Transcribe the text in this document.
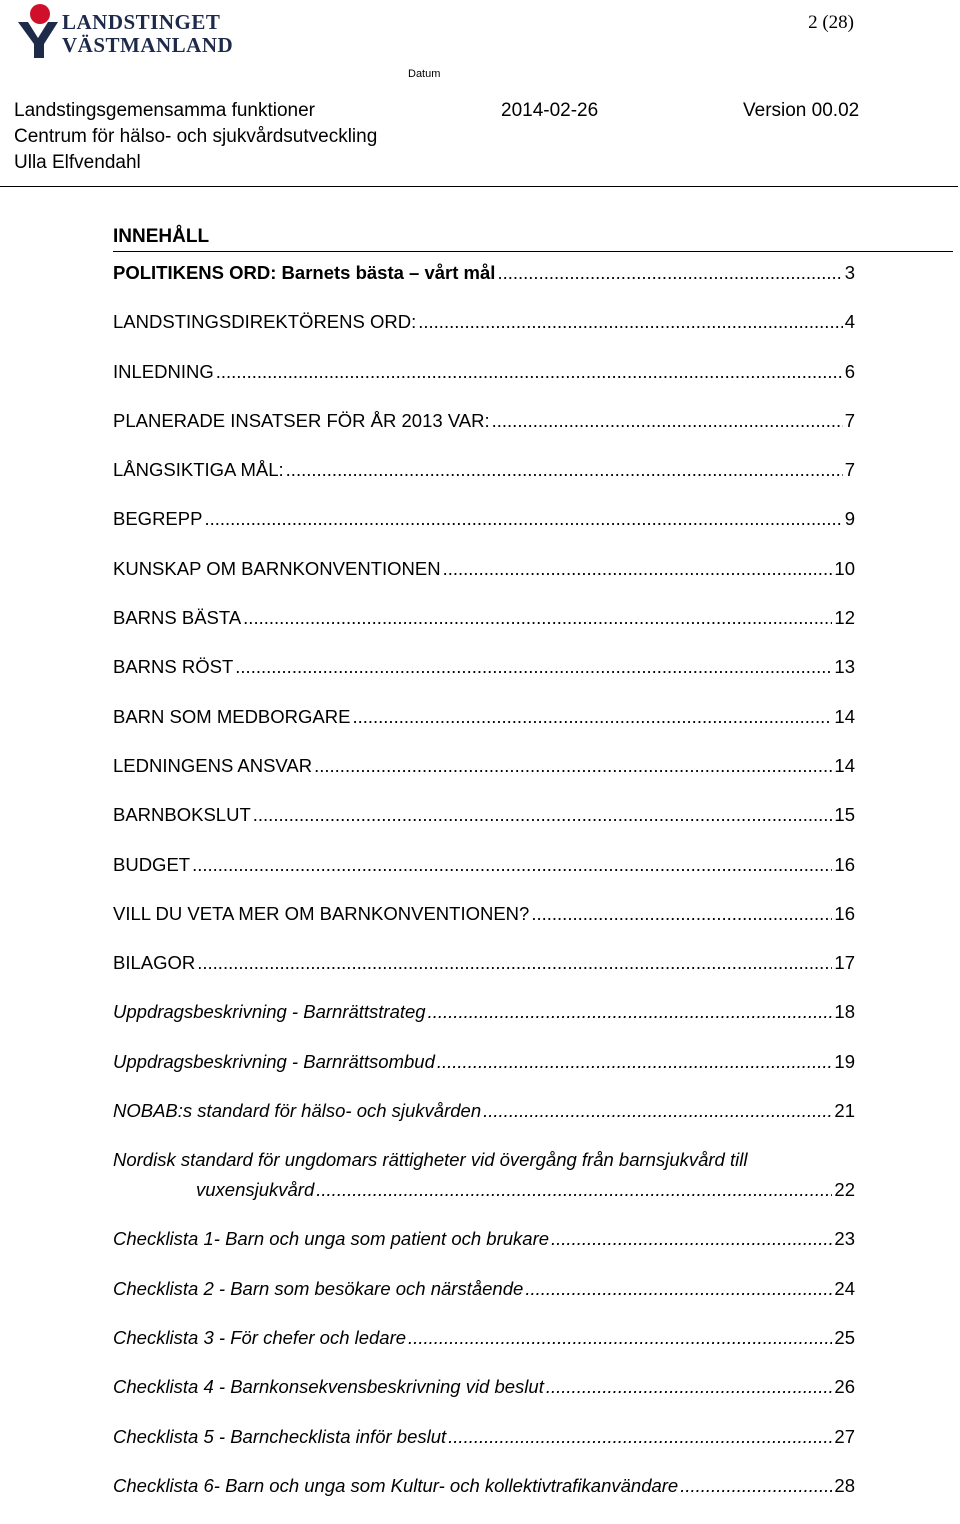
LANDSTINGET
VÄSTMANLAND
2 (28)
Datum
Landstingsgemensamma funktioner
Centrum för hälso- och sjukvårdsutveckling
Ulla Elfvendahl
2014-02-26	Version 00.02
INNEHÅLL
POLITIKENS ORD: Barnets bästa – vårt mål .....	3
LANDSTINGSDIREKTÖRENS ORD: .....	4
INLEDNING .....	6
PLANERADE INSATSER FÖR ÅR 2013 VAR: .....	7
LÅNGSIKTIGA MÅL: .....	7
BEGREPP .....	9
KUNSKAP OM BARNKONVENTIONEN .....	10
BARNS BÄSTA .....	12
BARNS RÖST .....	13
BARN SOM MEDBORGARE .....	14
LEDNINGENS ANSVAR .....	14
BARNBOKSLUT .....	15
BUDGET .....	16
VILL DU VETA MER OM BARNKONVENTIONEN? .....	16
BILAGOR .....	17
Uppdragsbeskrivning - Barnrättstrateg .....	18
Uppdragsbeskrivning - Barnrättsombud .....	19
NOBAB:s standard för hälso- och sjukvården .....	21
Nordisk standard för ungdomars rättigheter vid övergång från barnsjukvård till
vuxensjukvård .....	22
Checklista 1- Barn och unga som patient och brukare .....	23
Checklista 2 - Barn som besökare och närstående .....	24
Checklista 3 - För chefer och ledare .....	25
Checklista 4 - Barnkonsekvensbeskrivning vid beslut .....	26
Checklista 5 - Barnchecklista inför beslut .....	27
Checklista 6- Barn och unga som Kultur- och kollektivtrafikanvändare .....	28
